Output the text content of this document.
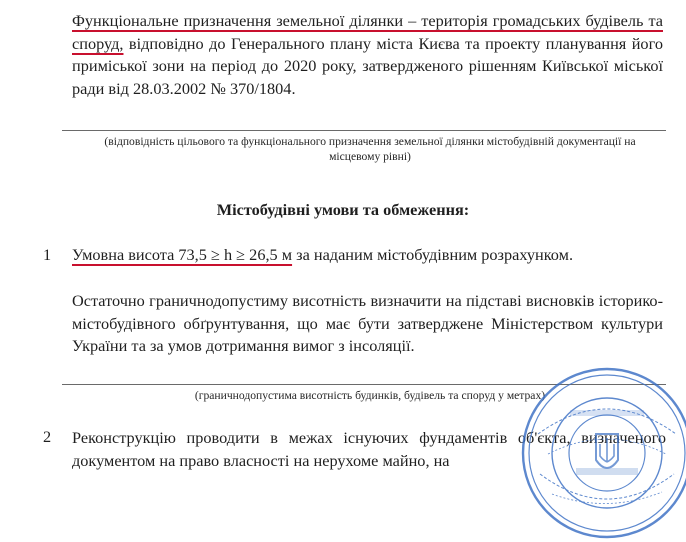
Функціональне призначення земельної ділянки – територія громадських будівель та споруд, відповідно до Генерального плану міста Києва та проекту планування його приміської зони на період до 2020 року, затвердженого рішенням Київської міської ради від 28.03.2002 № 370/1804.
(відповідність цільового та функціонального призначення земельної ділянки містобудівній документації на місцевому рівні)
Містобудівні умови та обмеження:
1 Умовна висота 73,5 ≥ h ≥ 26,5 м за наданим містобудівним розрахунком.
Остаточно граничнодопустиму висотність визначити на підставі висновків історико-містобудівного обґрунтування, що має бути затверджене Міністерством культури України та за умов дотримання вимог з інсоляції.
(граничнодопустима висотність будинків, будівель та споруд у метрах)
2 Реконструкцію проводити в межах існуючих фундаментів об'єкта, визначеного документом на право власності на нерухоме майно, на
